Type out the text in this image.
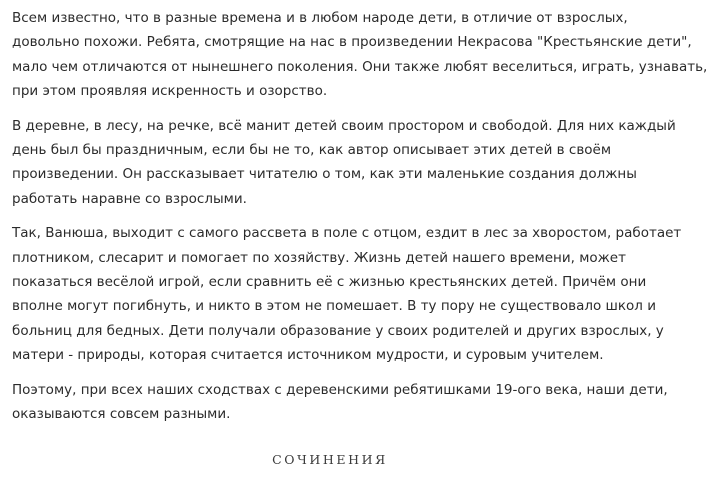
Всем известно, что в разные времена и в любом народе дети, в отличие от взрослых,
довольно похожи. Ребята, смотрящие на нас в произведении Некрасова "Крестьянские дети",
мало чем отличаются от нынешнего поколения. Они также любят веселиться, играть, узнавать,
при этом проявляя искренность и озорство.

В деревне, в лесу, на речке, всё манит детей своим простором и свободой. Для них каждый
день был бы праздничным, если бы не то, как автор описывает этих детей в своём
произведении. Он рассказывает читателю о том, как эти маленькие создания должны
работать наравне со взрослыми.

Так, Ванюша, выходит с самого рассвета в поле с отцом, ездит в лес за хворостом, работает
плотником, слесарит и помогает по хозяйству. Жизнь детей нашего времени, может
показаться весёлой игрой, если сравнить её с жизнью крестьянских детей. Причём они
вполне могут погибнуть, и никто в этом не помешает. В ту пору не существовало школ и
больниц для бедных. Дети получали образование у своих родителей и других взрослых, у
матери - природы, которая считается источником мудрости, и суровым учителем.

Поэтому, при всех наших сходствах с деревенскими ребятишками 19-ого века, наши дети,
оказываются совсем разными.

СОЧИНЕНИЯ
